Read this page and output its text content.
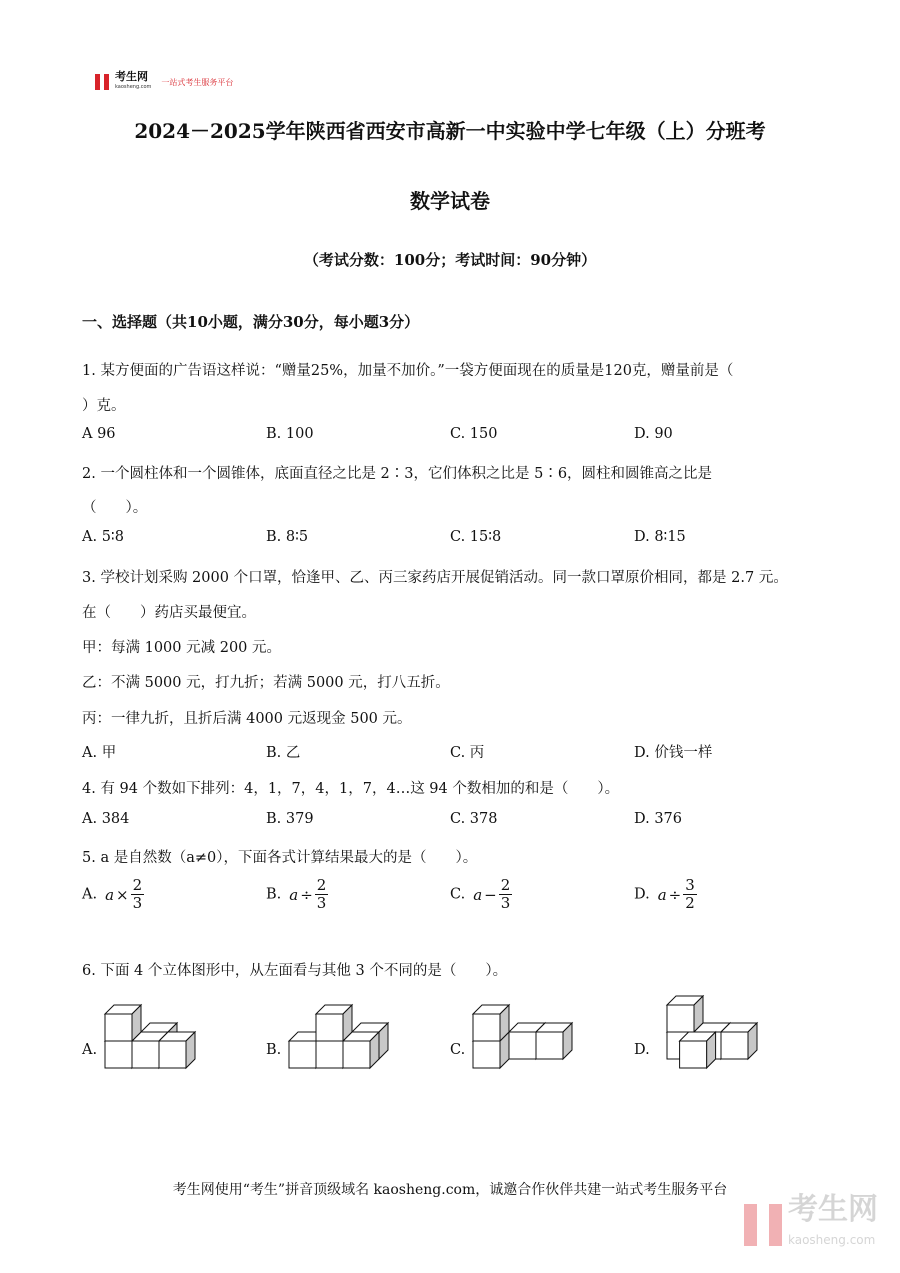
考生网
kaosheng.com
一站式考生服务平台
2024－2025学年陕西省西安市高新一中实验中学七年级（上）分班考
数学试卷
（考试分数：100分；考试时间：90分钟）
一、选择题（共10小题，满分30分，每小题3分）
考生网使用“考生”拼音顶级域名 kaosheng.com，诚邀合作伙伴共建一站式考生服务平台
考生网
kaosheng.com
1. 某方便面的广告语这样说：“赠量25%，加量不加价。”一袋方便面现在的质量是120克，赠量前是（
）克。
A 96	B. 100	C. 150	D. 90
2. 一个圆柱体和一个圆锥体，底面直径之比是 2∶3，它们体积之比是 5∶6，圆柱和圆锥高之比是
（　　）。
A. 5∶8	B. 8∶5	C. 15∶8	D. 8∶15
3. 学校计划采购 2000 个口罩，恰逢甲、乙、丙三家药店开展促销活动。同一款口罩原价相同，都是 2.7 元。
在（　　）药店买最便宜。
甲：每满 1000 元减 200 元。
乙：不满 5000 元，打九折；若满 5000 元，打八五折。
丙：一律九折，且折后满 4000 元返现金 500 元。
A. 甲	B. 乙	C. 丙	D. 价钱一样
4. 有 94 个数如下排列：4，1，7，4，1，7，4…这 94 个数相加的和是（　　）。
A. 384	B. 379	C. 378	D. 376
5. a 是自然数（a≠0），下面各式计算结果最大的是（　　）。
A. $a \times \frac{2}{3}$	B. $a \div \frac{2}{3}$	C. $a - \frac{2}{3}$	D. $a \div \frac{3}{2}$
6. 下面 4 个立体图形中，从左面看与其他 3 个不同的是（　　）。
A.	B.	C.	D.
